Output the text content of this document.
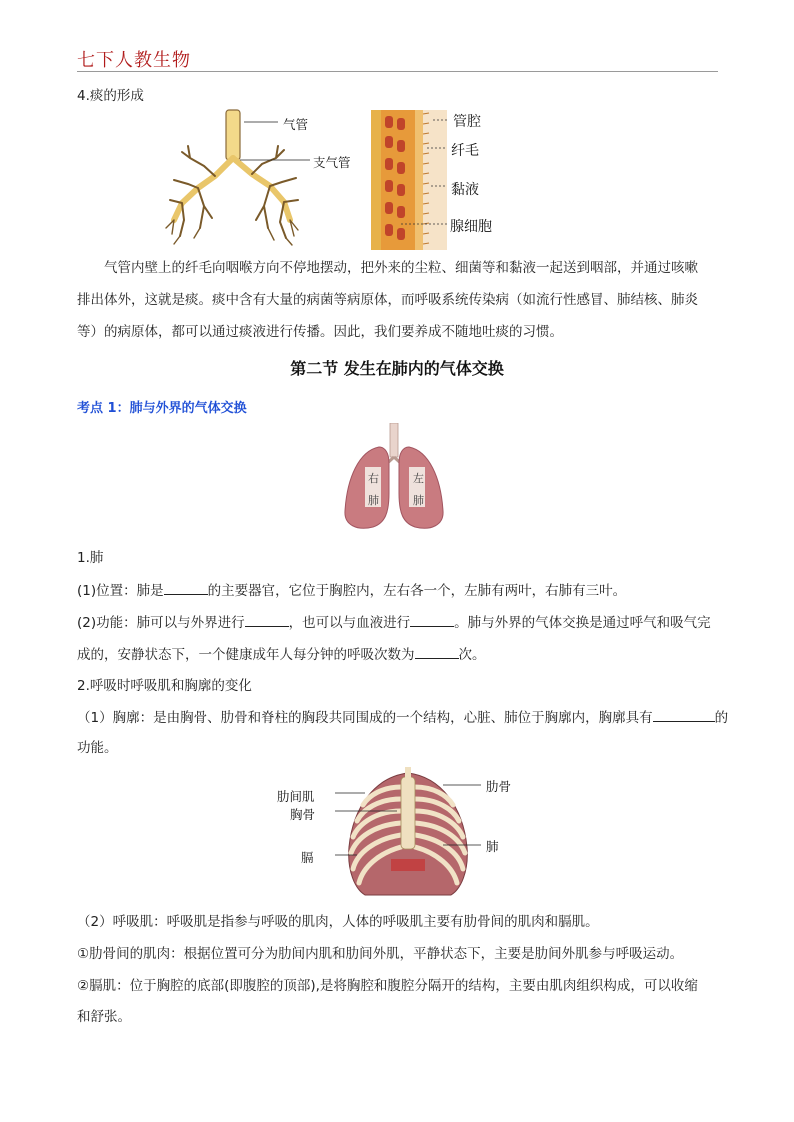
七下人教生物
4.痰的形成
气管
支气管
管腔
纤毛
黏液
腺细胞
气管内壁上的纤毛向咽喉方向不停地摆动，把外来的尘粒、细菌等和黏液一起送到咽部，并通过咳嗽
排出体外，这就是痰。痰中含有大量的病菌等病原体，而呼吸系统传染病（如流行性感冒、肺结核、肺炎
等）的病原体，都可以通过痰液进行传播。因此，我们要养成不随地吐痰的习惯。
第二节 发生在肺内的气体交换
考点 1：肺与外界的气体交换
右
肺
左
肺
1.肺
(1)位置：肺是	的主要器官，它位于胸腔内，左右各一个，左肺有两叶，右肺有三叶。
(2)功能：肺可以与外界进行	，也可以与血液进行	。肺与外界的气体交换是通过呼气和吸气完
成的，安静状态下，一个健康成年人每分钟的呼吸次数为	次。
2.呼吸时呼吸肌和胸廓的变化
（1）胸廓：是由胸骨、肋骨和脊柱的胸段共同围成的一个结构，心脏、肺位于胸廓内，胸廓具有	的
功能。
肋骨
肋间肌
胸骨
肺
膈
（2）呼吸肌：呼吸肌是指参与呼吸的肌肉，人体的呼吸肌主要有肋骨间的肌肉和膈肌。
①肋骨间的肌肉：根据位置可分为肋间内肌和肋间外肌，平静状态下，主要是肋间外肌参与呼吸运动。
②膈肌：位于胸腔的底部(即腹腔的顶部),是将胸腔和腹腔分隔开的结构，主要由肌肉组织构成，可以收缩
和舒张。
